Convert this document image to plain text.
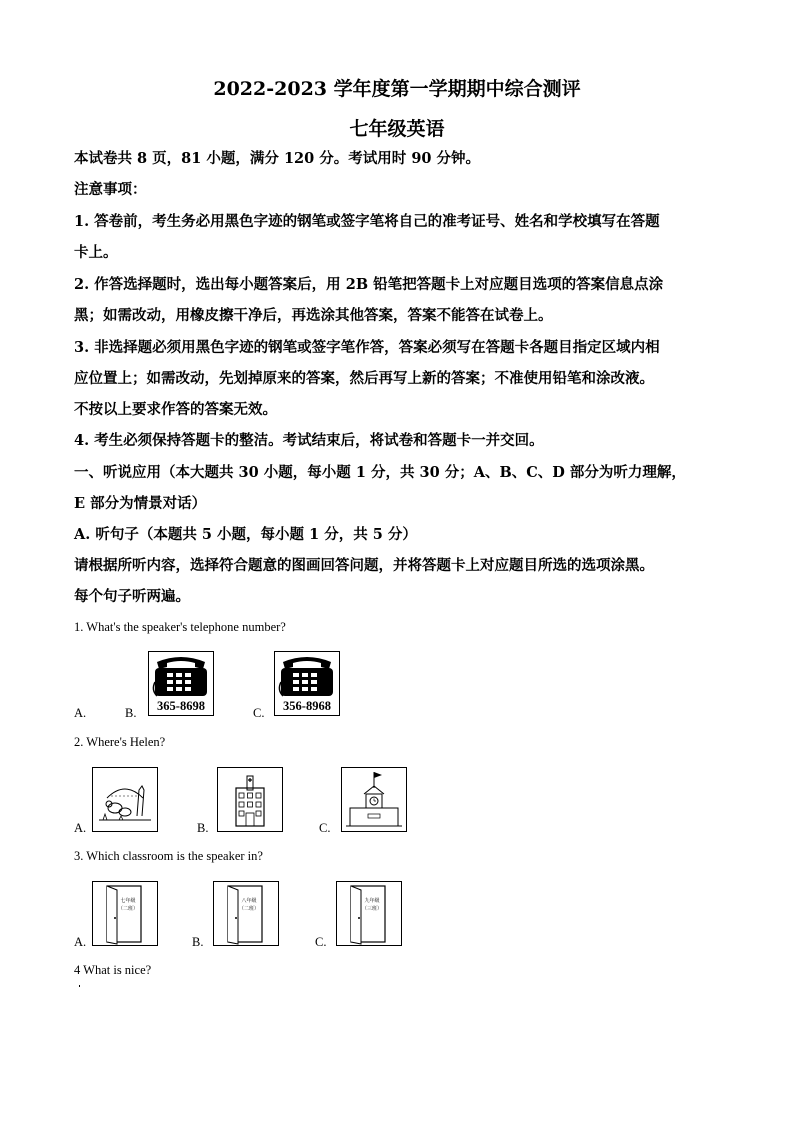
2022-2023 学年度第一学期期中综合测评
七年级英语
本试卷共 8 页，81 小题，满分 120 分。考试用时 90 分钟。
注意事项：
1. 答卷前，考生务必用黑色字迹的钢笔或签字笔将自己的准考证号、姓名和学校填写在答题
卡上。
2. 作答选择题时，选出每小题答案后，用 2B 铅笔把答题卡上对应题目选项的答案信息点涂
黑；如需改动，用橡皮擦干净后，再选涂其他答案，答案不能答在试卷上。
3. 非选择题必须用黑色字迹的钢笔或签字笔作答，答案必须写在答题卡各题目指定区域内相
应位置上；如需改动，先划掉原来的答案，然后再写上新的答案；不准使用铅笔和涂改液。
不按以上要求作答的答案无效。
4. 考生必须保持答题卡的整洁。考试结束后，将试卷和答题卡一并交回。
一、听说应用（本大题共 30 小题，每小题 1 分，共 30 分；A、B、C、D 部分为听力理解，
E 部分为情景对话）
A. 听句子（本题共 5 小题，每小题 1 分，共 5 分）
请根据所听内容，选择符合题意的图画回答问题，并将答题卡上对应题目所选的选项涂黑。
每个句子听两遍。
1. What's the speaker's telephone number?
A.	B.	365-8698	C.	356-8968
2. Where's Helen?
A.	B.	C.
3. Which classroom is the speaker in?
A.
七年级
（二班）
B.
八年级
（二班）
C.
九年级
（三班）
4 What is nice?
